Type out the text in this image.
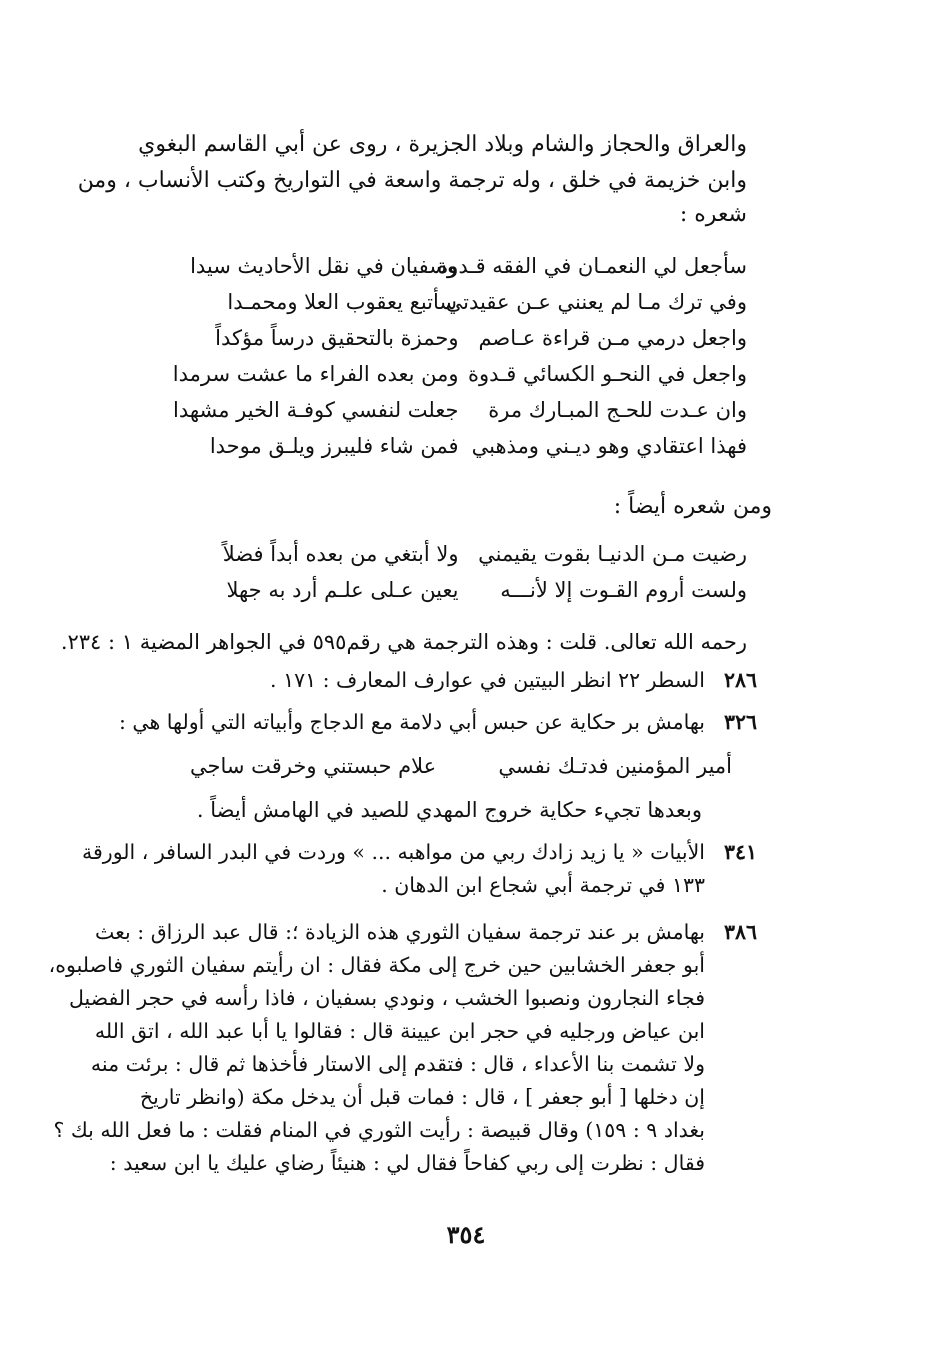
والعراق والحجاز والشام وبلاد الجزيرة ، روى عن أبي القاسم البغوي
وابن خزيمة في خلق ، وله ترجمة واسعة في التواريخ وكتب الأنساب ، ومن
شعره :
سأجعل لي النعمـان في الفقه قـدوة
وسفيان في نقل الأحاديث سيدا
وفي ترك مـا لم يعنني عـن عقيدتي
سأتبع يعقوب العلا ومحمـدا
واجعل درمي مـن قراءة عـاصم
وحمزة بالتحقيق درساً مؤكداً
واجعل في النحـو الكسائي قـدوة
ومن بعده الفراء ما عشت سرمدا
وان عـدت للحـج المبـارك مرة
جعلت لنفسي كوفـة الخير مشهدا
فهذا اعتقادي وهو ديـني ومذهبي
فمن شاء فليبرز ويلـق موحدا
ومن شعره أيضاً :
رضيت مـن الدنيـا بقوت يقيمني
ولا أبتغي من بعده أبداً فضلاً
ولست أروم القـوت إلا لأنـــه
يعين عـلى علـم أرد به جهلا
رحمه الله تعالى. قلت : وهذه الترجمة هي رقم٥٩٥ في الجواهر المضية ١ : ٢٣٤.
٢٨٦
السطر ٢٢ انظر البيتين في عوارف المعارف : ١٧١ .
٣٢٦
بهامش بر حكاية عن حبس أبي دلامة مع الدجاج وأبياته التي أولها هي :
أمير المؤمنين فدتـك نفسي
علام حبستني وخرقت ساجي
وبعدها تجيء حكاية خروج المهدي للصيد في الهامش أيضاً .
٣٤١
الأبيات « يا زيد زادك ربي من مواهبه ... » وردت في البدر السافر ، الورقة
١٣٣ في ترجمة أبي شجاع ابن الدهان .
٣٨٦
بهامش بر عند ترجمة سفيان الثوري هذه الزيادة ؛: قال عبد الرزاق : بعث
أبو جعفر الخشابين حين خرج إلى مكة فقال : ان رأيتم سفيان الثوري فاصلبوه،
فجاء النجارون ونصبوا الخشب ، ونودي بسفيان ، فاذا رأسه في حجر الفضيل
ابن عياض ورجليه في حجر ابن عيينة قال : فقالوا يا أبا عبد الله ، اتق الله
ولا تشمت بنا الأعداء ، قال : فتقدم إلى الاستار فأخذها ثم قال : برئت منه
إن دخلها [ أبو جعفر ] ، قال : فمات قبل أن يدخل مكة (وانظر تاريخ
بغداد ٩ : ١٥٩) وقال قبيصة : رأيت الثوري في المنام فقلت : ما فعل الله بك ؟
فقال : نظرت إلى ربي كفاحاً فقال لي : هنيئاً رضاي عليك يا ابن سعيد :
٣٥٤
